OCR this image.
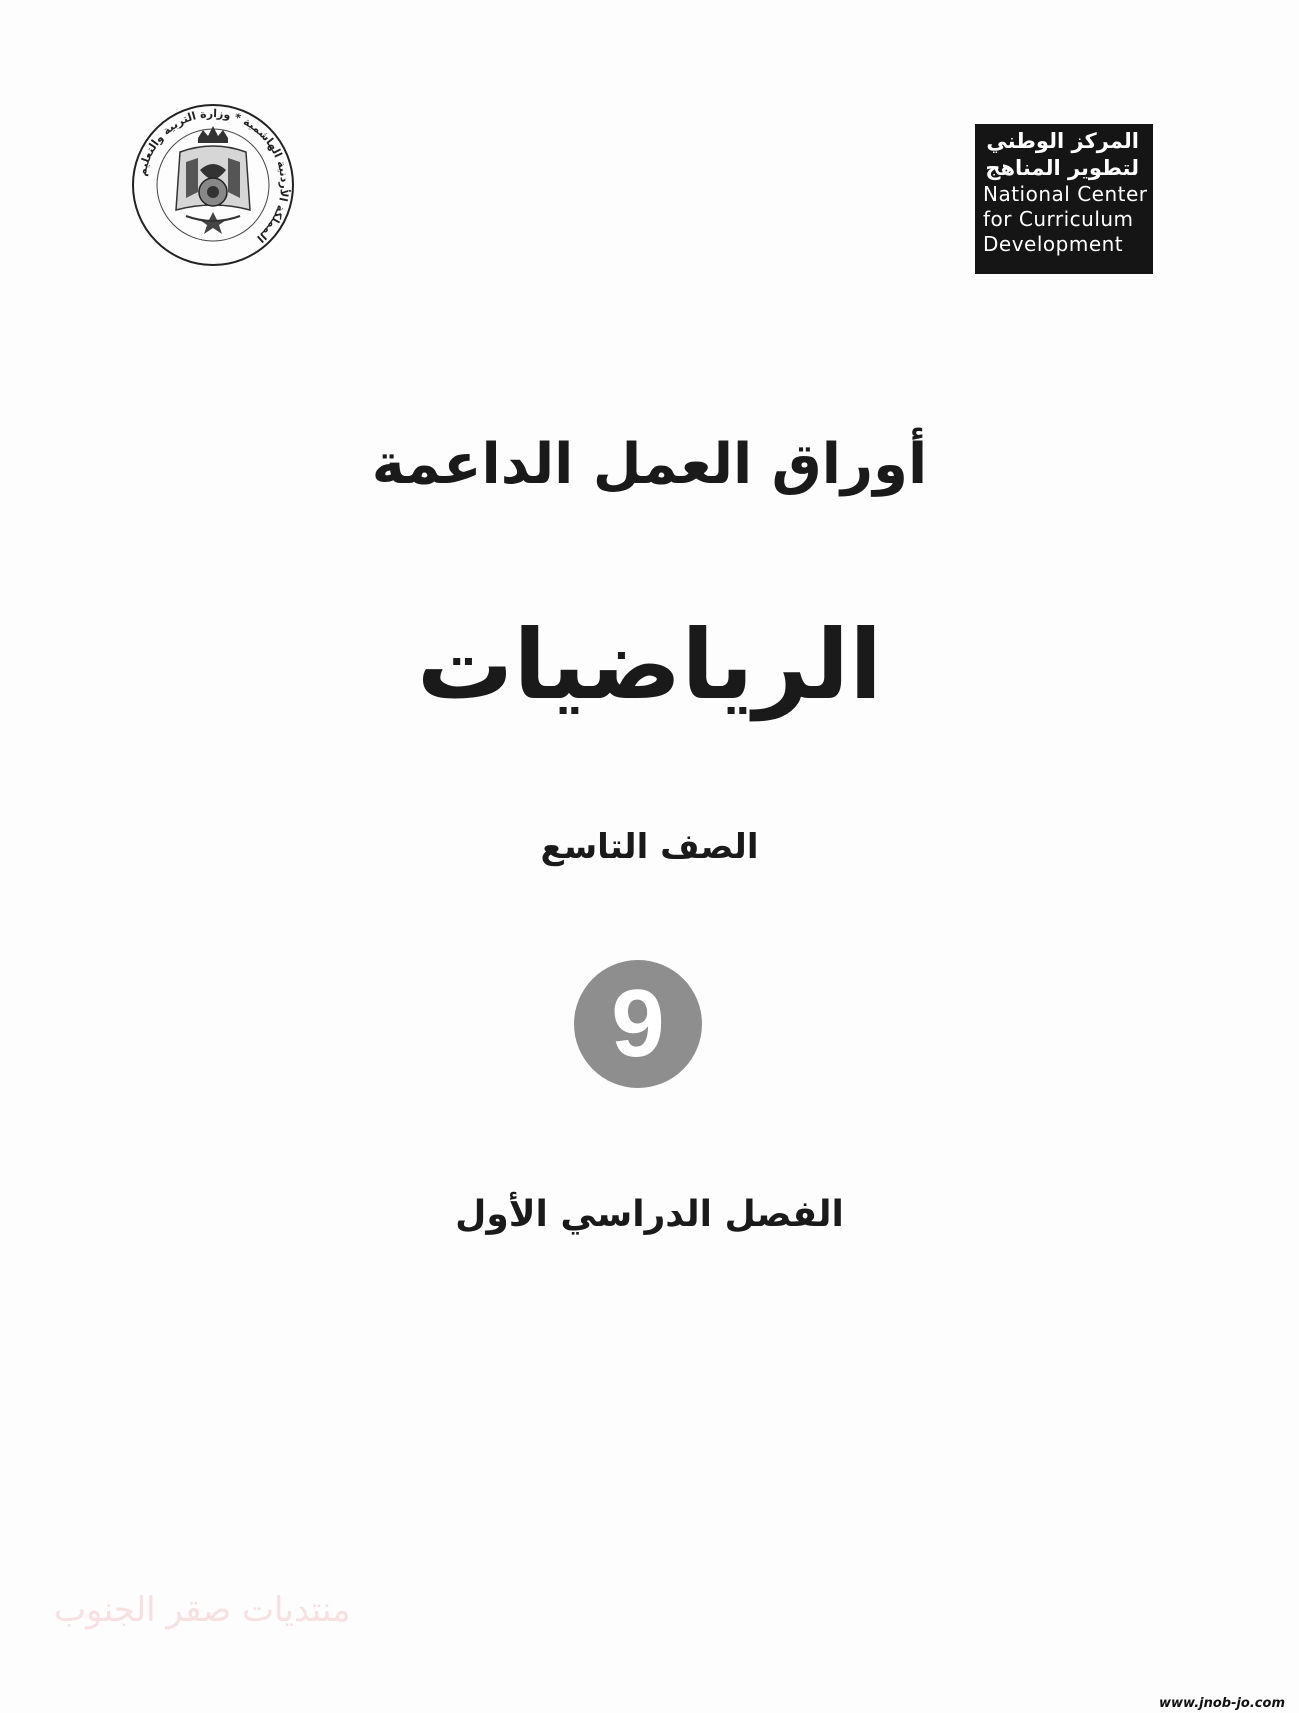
المملكة الأردنية الهاشمية * وزارة التربية والتعليم
المركز الوطني
لتطوير المناهج
National Center
for Curriculum
Development
أوراق العمل الداعمة
الرياضيات
الصف التاسع
9
الفصل الدراسي الأول
منتديات صقر الجنوب
www.jnob-jo.com
